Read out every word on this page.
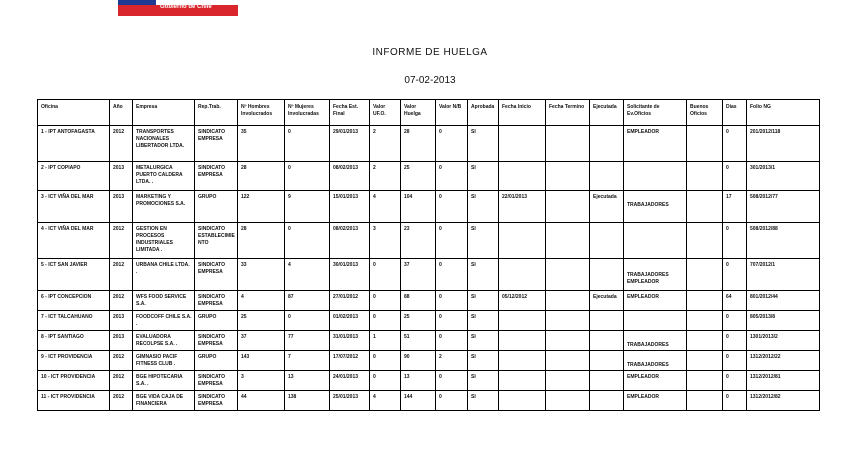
Gobierno de Chile
INFORME DE HUELGA
07-02-2013
Oficina	Año	Empresa	Rep.Trab.	Nº Hombres Involucrados	Nº Mujeres Involucradas	Fecha Est. Final	Valor UF.O.	Valor Huelga	Valor N/B	Aprobada	Fecha Inicio	Fecha Termino	Ejecutada	Solicitante de Ev.Oficios	Buenos Oficios	Días	Folio NG
1 - IPT ANTOFAGASTA	2012	TRANSPORTES NACIONALES LIBERTADOR LTDA.	SINDICATO EMPRESA	35	0	29/01/2013	2	28	0	SI				EMPLEADOR		0	201/2012/118
2 - IPT COPIAPO	2013	METALURGICA PUERTO CALDERA LTDA. .	SINDICATO EMPRESA	28	0	08/02/2013	2	25	0	SI						0	301/2013/1
3 - ICT VIÑA DEL MAR	2013	MARKETING Y PROMOCIONES S.A.	GRUPO	122	9	15/01/2013	4	104	0	SI	22/01/2013		Ejecutada	TRABAJADORES		17	508/2012/77
4 - ICT VIÑA DEL MAR	2012	GESTION EN PROCESOS INDUSTRIALES LIMITADA .	SINDICATO ESTABLECIMIENTO	28	0	08/02/2013	3	23	0	SI						0	508/2012/88
5 - ICT SAN JAVIER	2012	URBANA CHILE LTDA. .	SINDICATO EMPRESA	33	4	30/01/2013	0	37	0	SI				TRABAJADORES EMPLEADOR		0	707/2012/1
6 - IPT CONCEPCION	2012	WFS FOOD SERVICE S.A.	SINDICATO EMPRESA	4	87	27/01/2012	0	88	0	SI	05/12/2012		Ejecutada	EMPLEADOR		64	801/2012/44
7 - ICT TALCAHUANO	2013	FOODCOFF CHILE S.A. .	GRUPO	25	0	01/02/2013	0	25	0	SI						0	805/2013/8
8 - IPT SANTIAGO	2013	EVALUADORA RECOLPSE S.A. .	SINDICATO EMPRESA	37	77	31/01/2013	1	51	0	SI				TRABAJADORES		0	1301/2013/2
9 - ICT PROVIDENCIA	2012	GIMNASIO PACIF FITNESS CLUB .	GRUPO	143	7	17/07/2012	0	90	2	SI				TRABAJADORES		0	1312/2012/22
10 - ICT PROVIDENCIA	2012	BGE HIPOTECARIA S.A. .	SINDICATO EMPRESA	3	13	24/01/2013	0	13	0	SI				EMPLEADOR		0	1312/2012/81
11 - ICT PROVIDENCIA	2012	BGE VIDA CAJA DE FINANCIERA	SINDICATO EMPRESA	44	138	25/01/2013	4	144	0	SI				EMPLEADOR		0	1312/2012/82
